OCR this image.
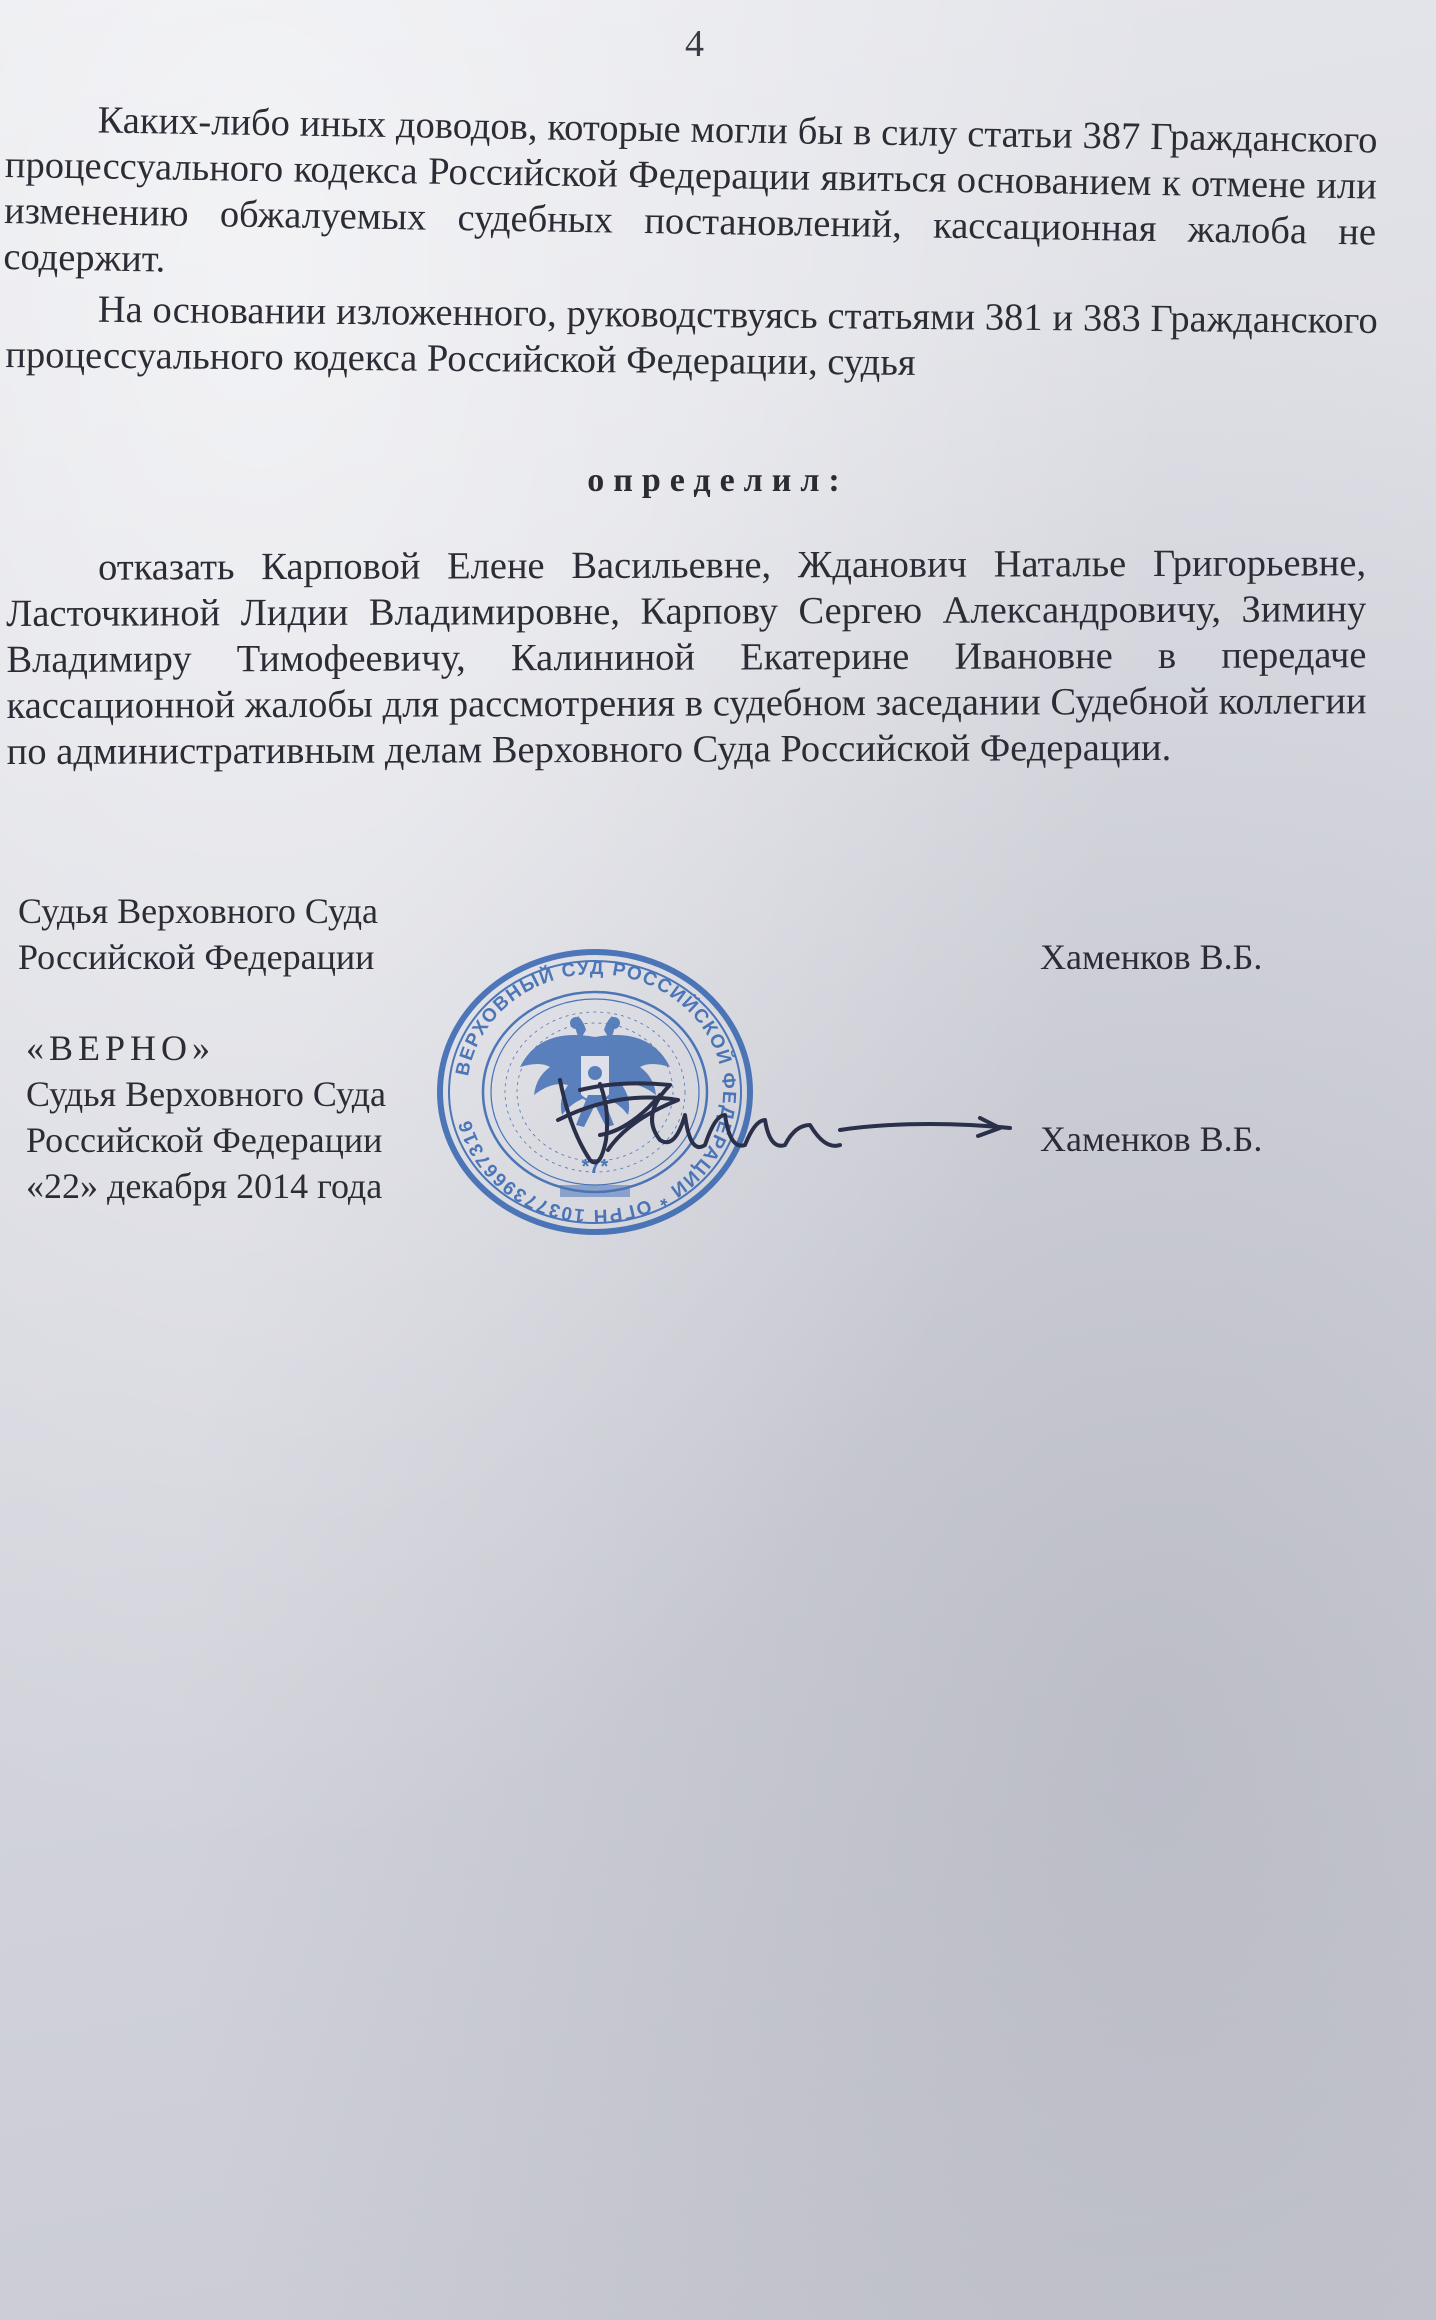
4

Каких-либо иных доводов, которые могли бы в силу статьи 387 Гражданского процессуального кодекса Российской Федерации явиться основанием к отмене или изменению обжалуемых судебных постановлений, кассационная жалоба не содержит.

На основании изложенного, руководствуясь статьями 381 и 383 Гражданского процессуального кодекса Российской Федерации, судья

определил:

отказать Карповой Елене Васильевне, Жданович Наталье Григорьевне, Ласточкиной Лидии Владимировне, Карпову Сергею Александровичу, Зимину Владимиру Тимофеевичу, Калининой Екатерине Ивановне в передаче кассационной жалобы для рассмотрения в судебном заседании Судебной коллегии по административным делам Верховного Суда Российской Федерации.

Судья Верховного Суда
Российской Федерации	Хаменков В.Б.
«ВЕРНО»
Судья Верховного Суда
Российской Федерации
«22» декабря 2014 года
Хаменков В.Б.
ВЕРХОВНЫЙ СУД РОССИЙСКОЙ ФЕДЕРАЦИИ * ОГРН 1037739667316
*7*
